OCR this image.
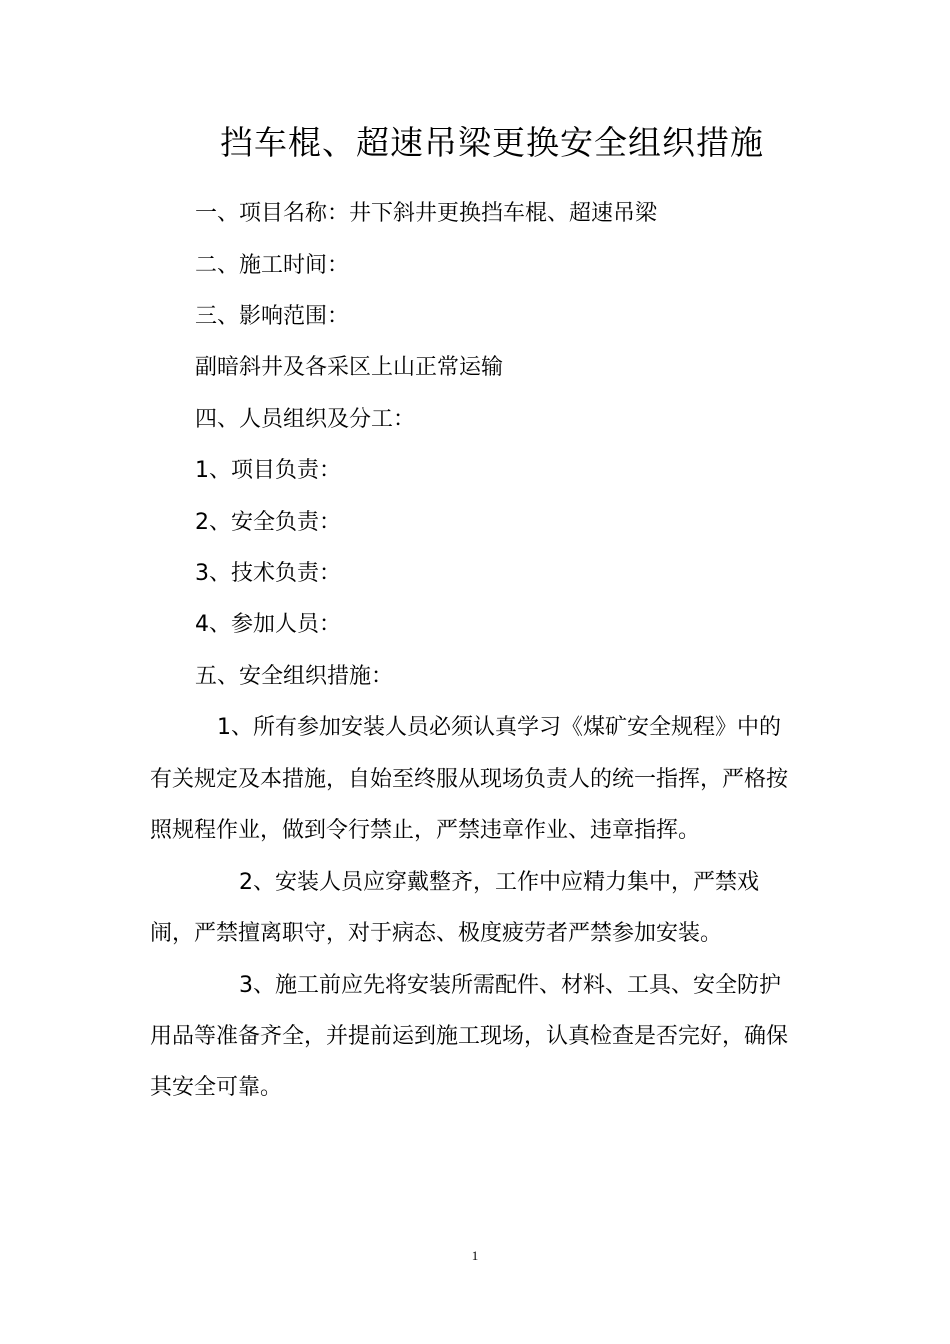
挡车棍、超速吊梁更换安全组织措施
一、项目名称：井下斜井更换挡车棍、超速吊梁
二、施工时间：
三、影响范围：
副暗斜井及各采区上山正常运输
四、人员组织及分工：
1、项目负责：
2、安全负责：
3、技术负责：
4、参加人员：
五、安全组织措施：
1、所有参加安装人员必须认真学习《煤矿安全规程》中的
有关规定及本措施，自始至终服从现场负责人的统一指挥，严格按
照规程作业，做到令行禁止，严禁违章作业、违章指挥。
2、安装人员应穿戴整齐，工作中应精力集中，严禁戏
闹，严禁擅离职守，对于病态、极度疲劳者严禁参加安装。
3、施工前应先将安装所需配件、材料、工具、安全防护
用品等准备齐全，并提前运到施工现场，认真检查是否完好，确保
其安全可靠。
1
